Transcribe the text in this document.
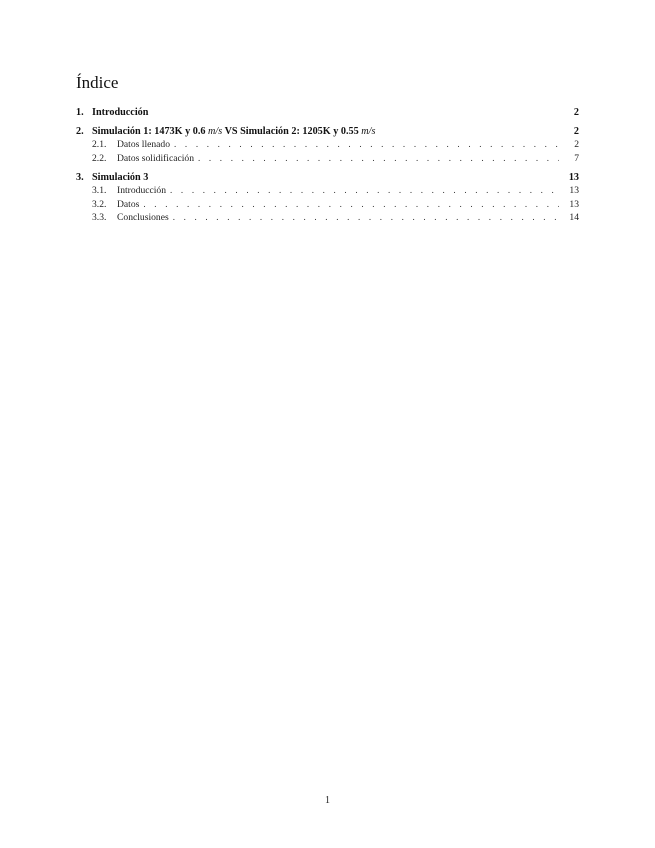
Índice
1. Introducción	2
2. Simulación 1: 1473K y 0.6 m/s VS Simulación 2: 1205K y 0.55 m/s	2
2.1.	Datos llenado . . .	2
2.2.	Datos solidificación . . .	7
3. Simulación 3	13
3.1.	Introducción . . .	13
3.2.	Datos . . .	13
3.3.	Conclusiones . . .	14
1
